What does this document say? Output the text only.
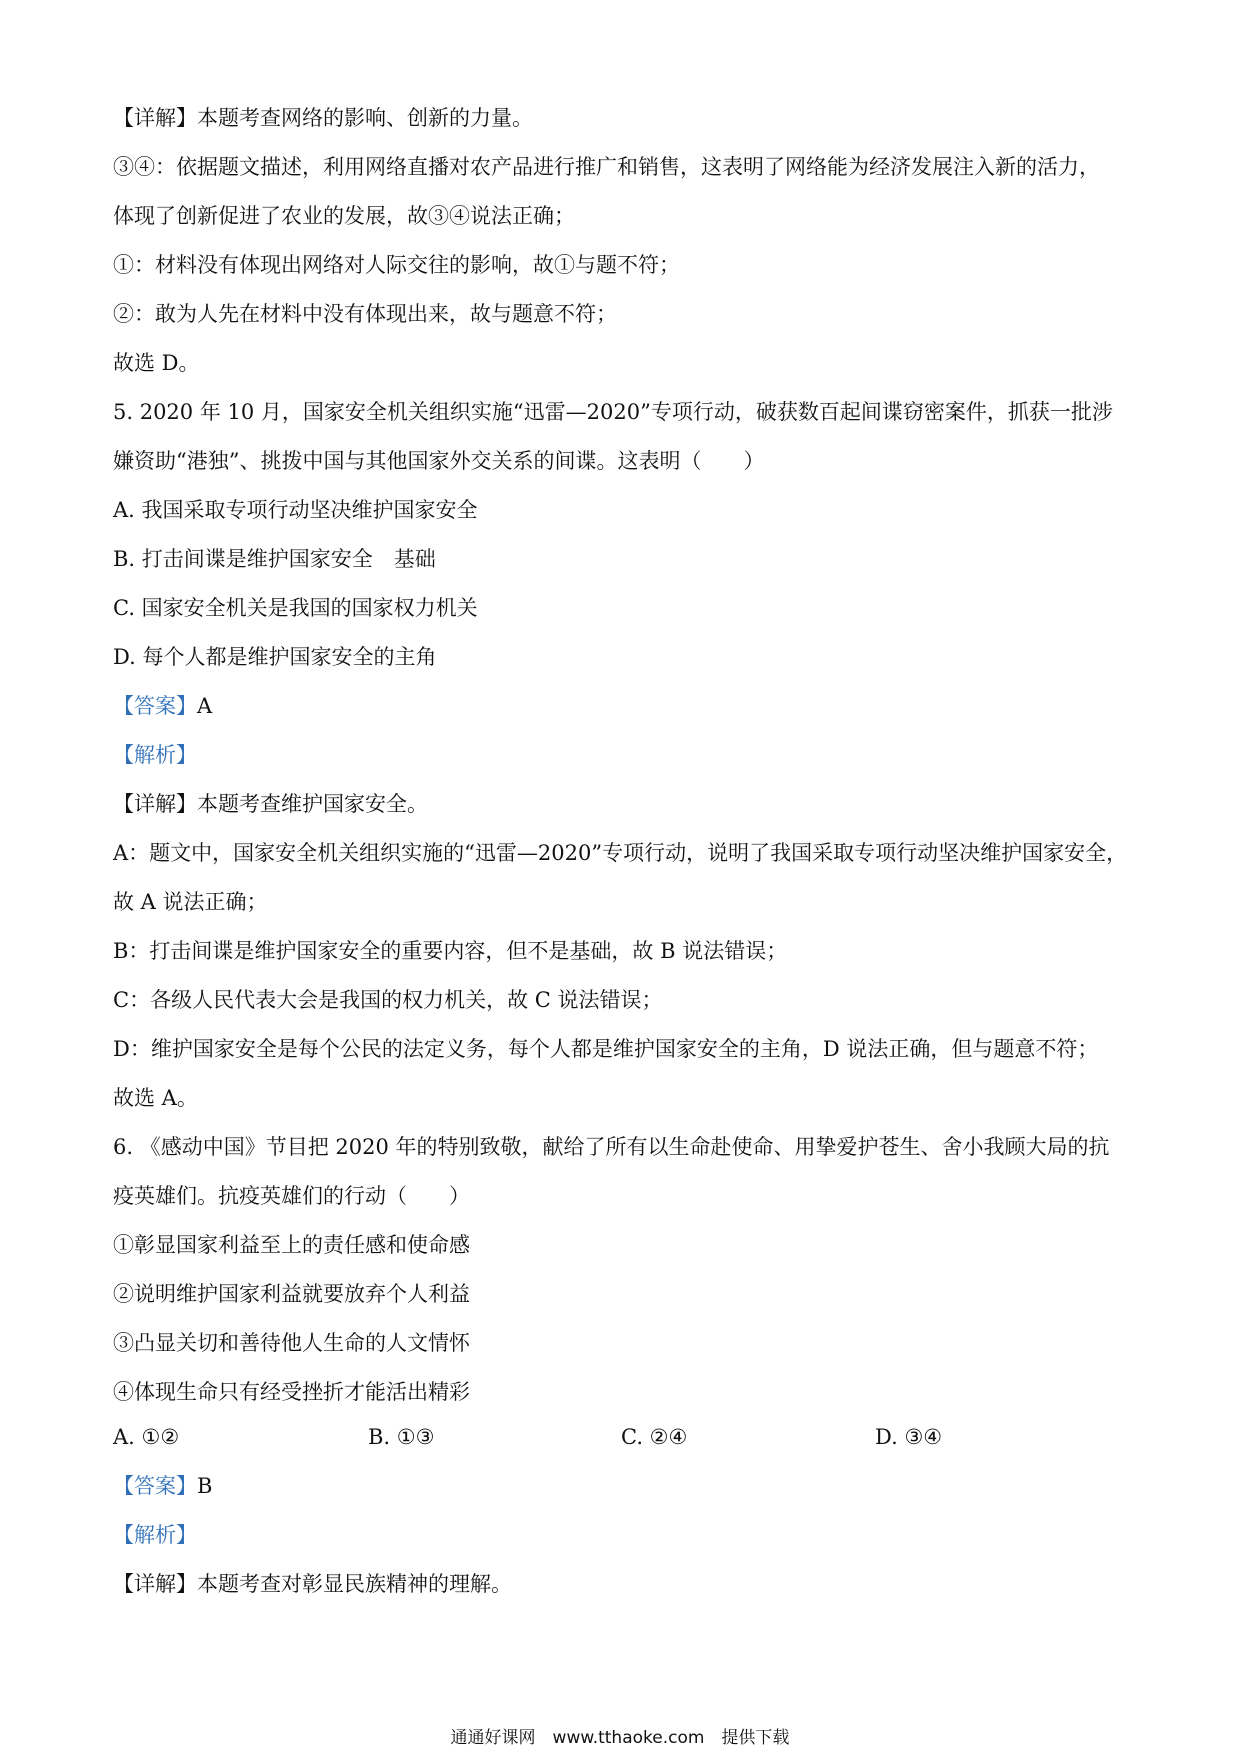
【详解】本题考查网络的影响、创新的力量。
③④：依据题文描述，利用网络直播对农产品进行推广和销售，这表明了网络能为经济发展注入新的活力，
体现了创新促进了农业的发展，故③④说法正确；
①：材料没有体现出网络对人际交往的影响，故①与题不符；
②：敢为人先在材料中没有体现出来，故与题意不符；
故选 D。
5. 2020 年 10 月，国家安全机关组织实施“迅雷—2020”专项行动，破获数百起间谍窃密案件，抓获一批涉
嫌资助“港独”、挑拨中国与其他国家外交关系的间谍。这表明（　　）
A. 我国采取专项行动坚决维护国家安全
B. 打击间谍是维护国家安全　基础
C. 国家安全机关是我国的国家权力机关
D. 每个人都是维护国家安全的主角
【答案】A
【解析】
【详解】本题考查维护国家安全。
A：题文中，国家安全机关组织实施的“迅雷—2020”专项行动，说明了我国采取专项行动坚决维护国家安全，
故 A 说法正确；
B：打击间谍是维护国家安全的重要内容，但不是基础，故 B 说法错误；
C：各级人民代表大会是我国的权力机关，故 C 说法错误；
D：维护国家安全是每个公民的法定义务，每个人都是维护国家安全的主角，D 说法正确，但与题意不符；
故选 A。
6. 《感动中国》节目把 2020 年的特别致敬，献给了所有以生命赴使命、用挚爱护苍生、舍小我顾大局的抗
疫英雄们。抗疫英雄们的行动（　　）
①彰显国家利益至上的责任感和使命感
②说明维护国家利益就要放弃个人利益
③凸显关切和善待他人生命的人文情怀
④体现生命只有经受挫折才能活出精彩
A. ①②	B. ①③	C. ②④	D. ③④
【答案】B
【解析】
【详解】本题考查对彰显民族精神的理解。
通通好课网　www.tthaoke.com　提供下载
